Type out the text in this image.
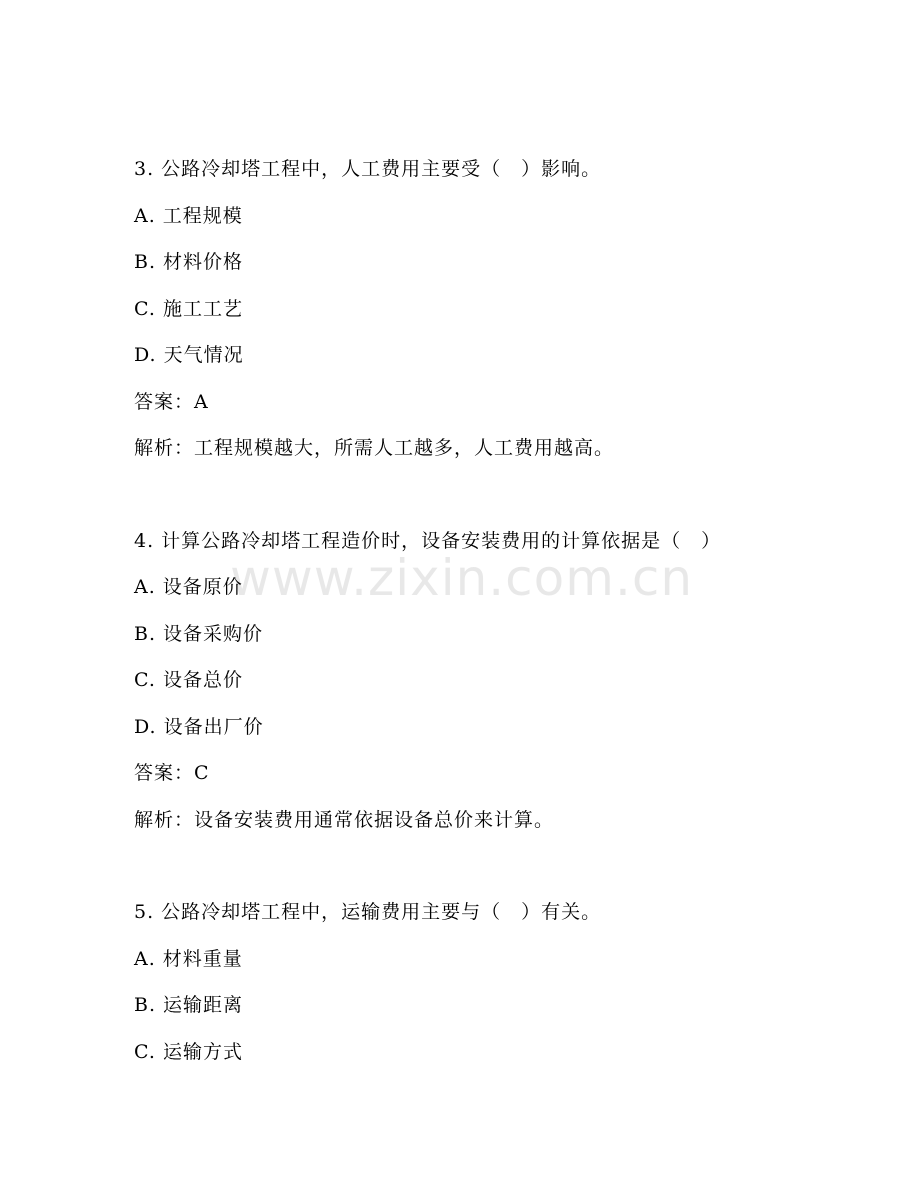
www.zixin.com.cn
3. 公路冷却塔工程中，人工费用主要受（　）影响。
A. 工程规模
B. 材料价格
C. 施工工艺
D. 天气情况
答案：A
解析：工程规模越大，所需人工越多，人工费用越高。
4. 计算公路冷却塔工程造价时，设备安装费用的计算依据是（　）
A. 设备原价
B. 设备采购价
C. 设备总价
D. 设备出厂价
答案：C
解析：设备安装费用通常依据设备总价来计算。
5. 公路冷却塔工程中，运输费用主要与（　）有关。
A. 材料重量
B. 运输距离
C. 运输方式
